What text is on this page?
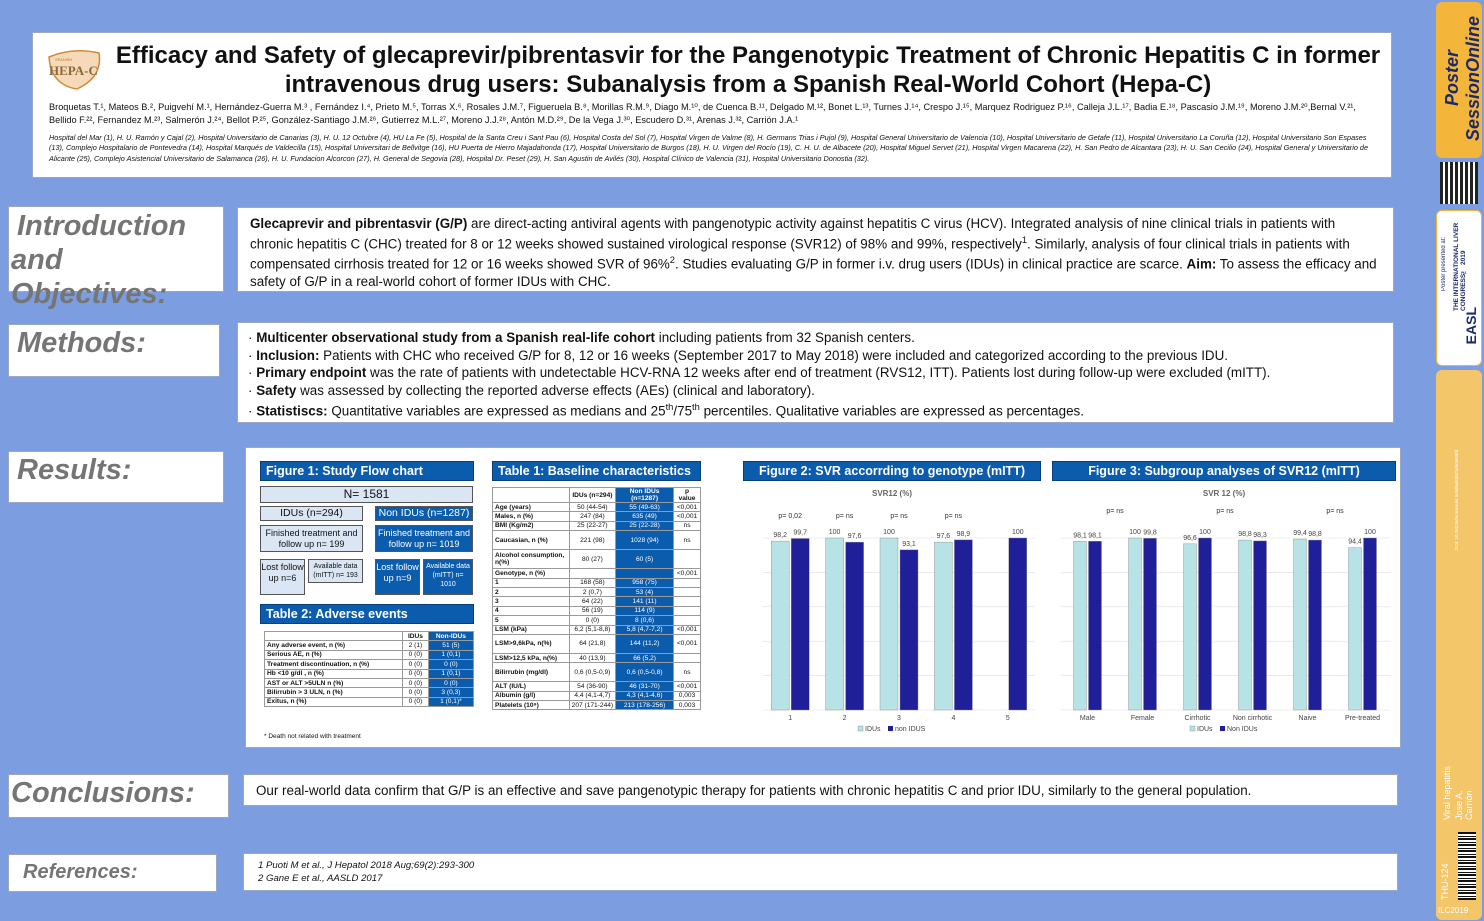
SPANISH
HEPA-C
Efficacy and Safety of glecaprevir/pibrentasvir for the Pangenotypic Treatment of Chronic Hepatitis C in former
intravenous drug users: Subanalysis from a Spanish Real-World Cohort (Hepa-C)
Broquetas T.¹, Mateos B.², Puigvehí M.¹, Hernández-Guerra M.³ , Fernández I.⁴, Prieto M.⁵, Torras X.⁶, Rosales J.M.⁷, Figueruela B.⁸, Morillas R.M.⁹, Diago M.¹⁰, de Cuenca B.¹¹, Delgado M.¹², Bonet L.¹³, Turnes J.¹⁴, Crespo J.¹⁵, Marquez Rodriguez P.¹⁶, Calleja J.L.¹⁷, Badia E.¹⁸, Pascasio J.M.¹⁹, Moreno J.M.²⁰,Bernal V.²¹, Bellido F.²², Fernandez M.²³, Salmerón J.²⁴, Bellot P.²⁵, González-Santiago J.M.²⁶, Gutierrez M.L.²⁷, Moreno J.J.²⁸, Antón M.D.²⁹, De la Vega J.³⁰, Escudero D.³¹, Arenas J.³², Carrión J.A.¹
Hospital del Mar (1), H. U. Ramón y Cajal (2), Hospital Universitario de Canarias (3), H. U. 12 Octubre (4), HU La Fe (5), Hospital de la Santa Creu i Sant Pau (6), Hospital Costa del Sol (7), Hospital Virgen de Valme (8), H. Germans Trias i Pujol (9), Hospital General Universitario de Valencia (10), Hospital Universitario de Getafe (11), Hospital Universitario La Coruña (12), Hospital Universitario Son Espases (13), Complejo Hospitalario de Pontevedra (14), Hospital Marqués de Valdecilla (15), Hospital Universitari de Bellvitge (16), HU Puerta de Hierro Majadahonda (17), Hospital Universitario de Burgos (18), H. U. Virgen del Rocío (19), C. H. U. de Albacete (20), Hospital Miguel Servet (21), Hospital Virgen Macarena (22), H. San Pedro de Alcantara (23), H. U. San Cecilio (24), Hospital General y Universitario de Alicante (25), Complejo Asistencial Universitario de Salamanca (26), H. U. Fundacion Alcorcon (27), H. General de Segovia (28), Hospital Dr. Peset (29), H. San Agustin de Avilés (30), Hospital Clínico de Valencia (31), Hospital Universitario Donostia (32).
Introduction
and Objectives:
Glecaprevir and pibrentasvir (G/P) are direct-acting antiviral agents with pangenotypic activity against hepatitis C virus (HCV). Integrated analysis of nine clinical trials in patients with chronic hepatitis C (CHC) treated for 8 or 12 weeks showed sustained virological response (SVR12) of 98% and 99%, respectively$^1$. Similarly, analysis of four clinical trials in patients with compensated cirrhosis treated for 12 or 16 weeks showed SVR of 96%$^2$. Studies evaluating G/P in former i.v. drug users (IDUs) in clinical practice are scarce. Aim: To assess the efficacy and safety of G/P in a real-world cohort of former IDUs with CHC.
Methods:	· Multicenter observational study from a Spanish real-life cohort including patients from 32 Spanish centers.
· Inclusion: Patients with CHC who received G/P for 8, 12 or 16 weeks (September 2017 to May 2018) were included and categorized according to the previous IDU.
· Primary endpoint was the rate of patients with undetectable HCV-RNA 12 weeks after end of treatment (RVS12, ITT). Patients lost during follow-up were excluded (mITT).
· Safety was assessed by collecting the reported adverse effects (AEs) (clinical and laboratory).
· Statistiscs: Quantitative variables are expressed as medians and 25th/75th percentiles. Qualitative variables are expressed as percentages.
Results:	Figure 1: Study Flow chart
N= 1581
IDUs (n=294)	Non IDUs (n=1287)
Finished treatment and follow up n= 199
Finished treatment and follow up n= 1019
Lost follow up n=6
Available data (mITT) n= 193
Lost follow up n=9
Available data (mITT) n= 1010
Table 2: Adverse events
	IDUs	Non-IDUs
Any adverse event, n (%)	2 (1)	51 (5)
Serious AE, n (%)	0 (0)	1 (0,1)
Treatment discontinuation, n (%)	0 (0)	0 (0)
Hb <10 g/dl , n (%)	0 (0)	1 (0,1)
AST or ALT >5ULN n (%)	0 (0)	0 (0)
Bilirrubin > 3 ULN, n (%)	0 (0)	3 (0,3)
Exitus, n (%)	0 (0)	1 (0,1)*
* Death not related with treatment
Table 1: Baseline characteristics
	IDUs (n=294)	Non IDUs (n=1287)	p value
Age (years)	50 (44-54)	55 (49-63)	<0,001
Males, n (%)	247 (84)	635 (49)	<0,001
BMI (Kg/m2)	25 (22-27)	25 (22-28)	ns
Caucasian, n (%)	221 (98)	1028 (94)	ns
Alcohol consumption, n(%)	80 (27)	60 (5)	
Genotype, n (%)			<0,001
1	168 (58)	958 (75)	
2	2 (0,7)	53 (4)	
3	64 (22)	141 (11)	
4	56 (19)	114 (9)	
5	0 (0)	8 (0,6)	
LSM (kPa)	6,2 (5,1-8,8)	5,8 (4,7-7,2)	<0,001
LSM>9,6kPa, n(%)	64 (21,8)	144 (11,2)	<0,001
LSM>12,5 kPa, n(%)	40 (13,9)	66 (5,2)	
Bilirrubin (mg/dl)	0,6 (0,5-0,9)	0,6 (0,5-0,8)	ns
ALT (IU/L)	54 (36-90)	46 (31-70)	<0,001
Albumin (g/l)	4,4 (4,1-4,7)	4,3 (4,1-4,6)	0,003
Platelets (10⁹)	207 (171-244)	213 (178-256)	0,003
Figure 2: SVR accorrding to genotype (mITT)
SVR12 (%)
98,2 99,7
1
100
97,6
2
100
93,1
3
97,6 98,9
4
100
5
p= 0,02	p= ns	p= ns	p= ns
IDUs non IDUS
Figure 3: Subgroup analyses of SVR12 (mITT)
SVR 12 (%)
98,1 98,1
Male
100 99,8
Female
96,6
100
Cirrhotic
98,8 98,3
Non cirrhotic
99,4 98,8
Naive
94,4
100
Pre-treated
p= ns	p= ns	p= ns
IDUs Non IDUs
Conclusions:	Our real-world data confirm that G/P is an effective and save pangenotypic therapy for patients with chronic hepatitis C and prior IDU, similarly to the general population.
References:	1 Puoti M et al., J Hepatol 2018 Aug;69(2):293-300
2 Gane E et al., AASLD 2017
Poster SessionOnline
Poster presented at: THE INTERNATIONAL LIVER CONGRESS™ 2019
EASL
DOI: 10.26226/morressier.5c6d9ab3b2f4de3e09fd
Viral hepatitis Jose A. Carrión
THU-124
ILC2019
